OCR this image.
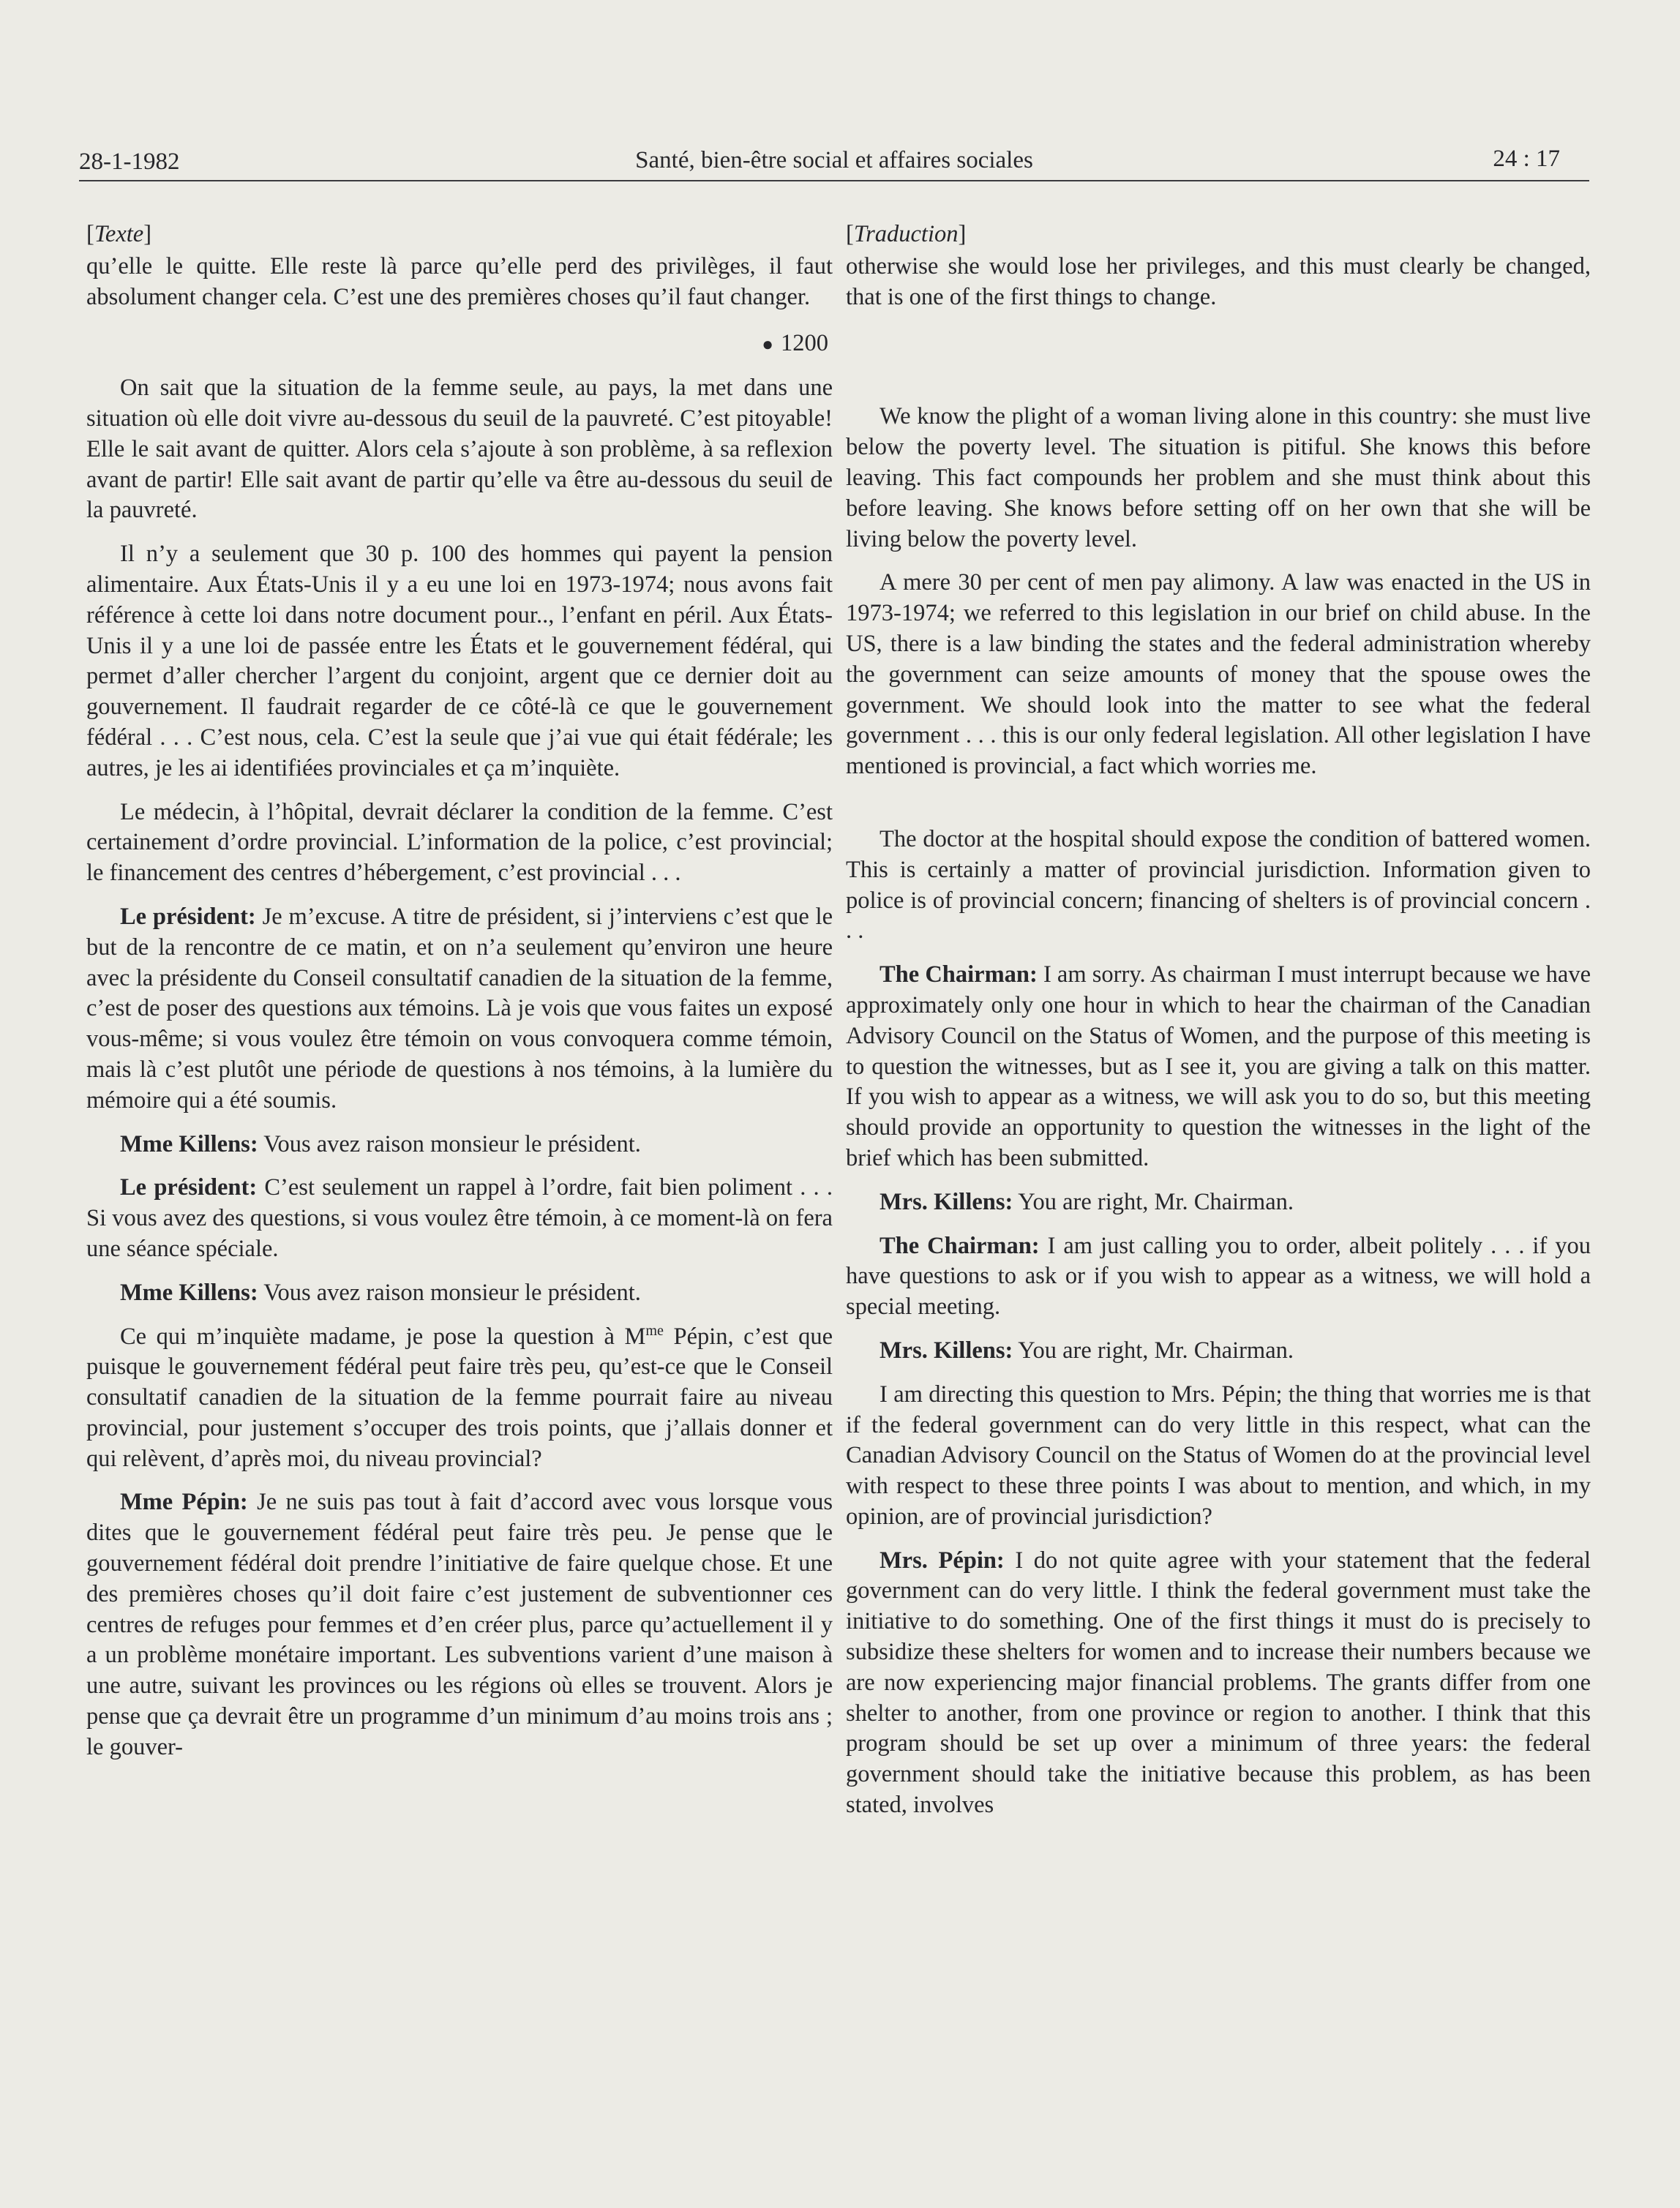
28-1-1982	Santé, bien-être social et affaires sociales	24 : 17
[ Texte ]

qu’elle le quitte. Elle reste là parce qu’elle perd des privilèges, il faut absolument changer cela. C’est une des premières choses qu’il faut changer.

● 1200

On sait que la situation de la femme seule, au pays, la met dans une situation où elle doit vivre au-dessous du seuil de la pauvreté. C’est pitoyable! Elle le sait avant de quitter. Alors cela s’ajoute à son problème, à sa reflexion avant de partir! Elle sait avant de partir qu’elle va être au-dessous du seuil de la pauvreté.

Il n’y a seulement que 30 p. 100 des hommes qui payent la pension alimentaire. Aux États-Unis il y a eu une loi en 1973-1974; nous avons fait référence à cette loi dans notre document pour.., l’enfant en péril. Aux États-Unis il y a une loi de passée entre les États et le gouvernement fédéral, qui permet d’aller chercher l’argent du conjoint, argent que ce dernier doit au gouvernement. Il faudrait regarder de ce côté-là ce que le gouvernement fédéral . . . C’est nous, cela. C’est la seule que j’ai vue qui était fédérale; les autres, je les ai identifiées provinciales et ça m’inquiète.

Le médecin, à l’hôpital, devrait déclarer la condition de la femme. C’est certainement d’ordre provincial. L’information de la police, c’est provincial; le financement des centres d’hébergement, c’est provincial . . .

Le président: Je m’excuse. A titre de président, si j’interviens c’est que le but de la rencontre de ce matin, et on n’a seulement qu’environ une heure avec la présidente du Conseil consultatif canadien de la situation de la femme, c’est de poser des questions aux témoins. Là je vois que vous faites un exposé vous-même; si vous voulez être témoin on vous convoquera comme témoin, mais là c’est plutôt une période de questions à nos témoins, à la lumière du mémoire qui a été soumis.

Mme Killens: Vous avez raison monsieur le président.

Le président: C’est seulement un rappel à l’ordre, fait bien poliment . . . Si vous avez des questions, si vous voulez être témoin, à ce moment-là on fera une séance spéciale.

Mme Killens: Vous avez raison monsieur le président.

Ce qui m’inquiète madame, je pose la question à $M^{me}$ Pépin, c’est que puisque le gouvernement fédéral peut faire très peu, qu’est-ce que le Conseil consultatif canadien de la situation de la femme pourrait faire au niveau provincial, pour justement s’occuper des trois points, que j’allais donner et qui relèvent, d’après moi, du niveau provincial?

Mme Pépin: Je ne suis pas tout à fait d’accord avec vous lorsque vous dites que le gouvernement fédéral peut faire très peu. Je pense que le gouvernement fédéral doit prendre l’initiative de faire quelque chose. Et une des premières choses qu’il doit faire c’est justement de subventionner ces centres de refuges pour femmes et d’en créer plus, parce qu’actuellement il y a un problème monétaire important. Les subventions varient d’une maison à une autre, suivant les provinces ou les régions où elles se trouvent. Alors je pense que ça devrait être un programme d’un minimum d’au moins trois ans ; le gouver-

[ Traduction ]

otherwise she would lose her privileges, and this must clearly be changed, that is one of the first things to change.

We know the plight of a woman living alone in this country: she must live below the poverty level. The situation is pitiful. She knows this before leaving. This fact compounds her problem and she must think about this before leaving. She knows before setting off on her own that she will be living below the poverty level.

A mere 30 per cent of men pay alimony. A law was enacted in the US in 1973-1974; we referred to this legislation in our brief on child abuse. In the US, there is a law binding the states and the federal administration whereby the government can seize amounts of money that the spouse owes the government. We should look into the matter to see what the federal government . . . this is our only federal legislation. All other legislation I have mentioned is provincial, a fact which worries me.

The doctor at the hospital should expose the condition of battered women. This is certainly a matter of provincial jurisdiction. Information given to police is of provincial concern; financing of shelters is of provincial concern . . .

The Chairman: I am sorry. As chairman I must interrupt because we have approximately only one hour in which to hear the chairman of the Canadian Advisory Council on the Status of Women, and the purpose of this meeting is to question the witnesses, but as I see it, you are giving a talk on this matter. If you wish to appear as a witness, we will ask you to do so, but this meeting should provide an opportunity to question the witnesses in the light of the brief which has been submitted.

Mrs. Killens: You are right, Mr. Chairman.

The Chairman: I am just calling you to order, albeit politely . . . if you have questions to ask or if you wish to appear as a witness, we will hold a special meeting.

Mrs. Killens: You are right, Mr. Chairman.

I am directing this question to Mrs. Pépin; the thing that worries me is that if the federal government can do very little in this respect, what can the Canadian Advisory Council on the Status of Women do at the provincial level with respect to these three points I was about to mention, and which, in my opinion, are of provincial jurisdiction?

Mrs. Pépin: I do not quite agree with your statement that the federal government can do very little. I think the federal government must take the initiative to do something. One of the first things it must do is precisely to subsidize these shelters for women and to increase their numbers because we are now experiencing major financial problems. The grants differ from one shelter to another, from one province or region to another. I think that this program should be set up over a minimum of three years: the federal government should take the initiative because this problem, as has been stated, involves
